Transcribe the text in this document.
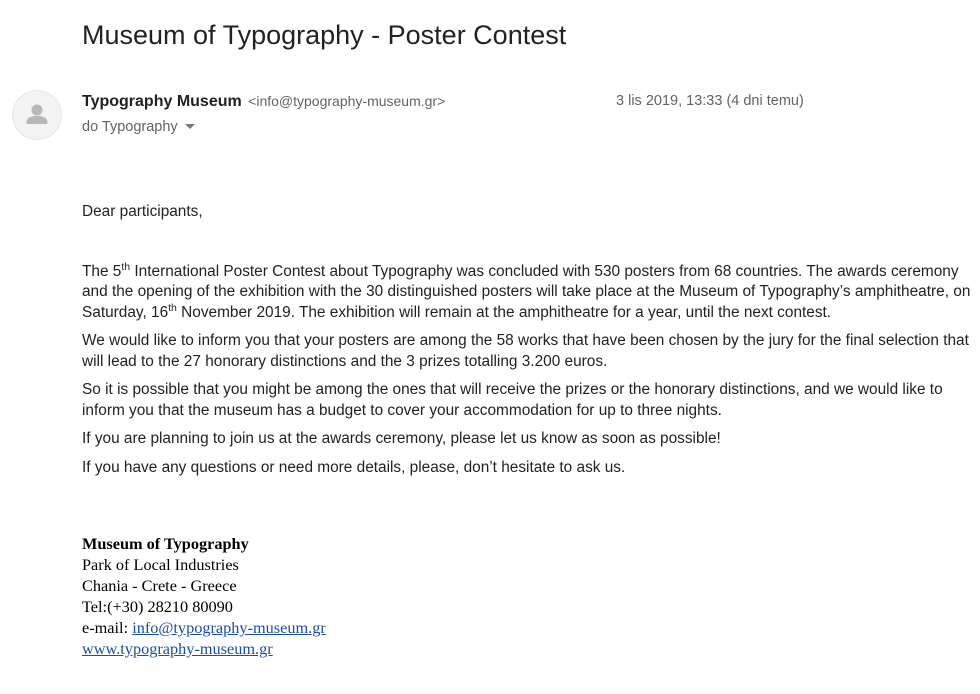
Museum of Typography - Poster Contest
Typography Museum <info@typography-museum.gr>	3 lis 2019, 13:33 (4 dni temu)
do Typography

Dear participants,

The 5th International Poster Contest about Typography was concluded with 530 posters from 68 countries. The awards ceremony and the opening of the exhibition with the 30 distinguished posters will take place at the Museum of Typography’s amphitheatre, on Saturday, 16th November 2019. The exhibition will remain at the amphitheatre for a year, until the next contest.

We would like to inform you that your posters are among the 58 works that have been chosen by the jury for the final selection that will lead to the 27 honorary distinctions and the 3 prizes totalling 3.200 euros.

So it is possible that you might be among the ones that will receive the prizes or the honorary distinctions, and we would like to inform you that the museum has a budget to cover your accommodation for up to three nights.

If you are planning to join us at the awards ceremony, please let us know as soon as possible!

If you have any questions or need more details, please, don’t hesitate to ask us.

Museum of Typography
Park of Local Industries
Chania - Crete - Greece
Tel:(+30) 28210 80090
e-mail: info@typography-museum.gr
www.typography-museum.gr
